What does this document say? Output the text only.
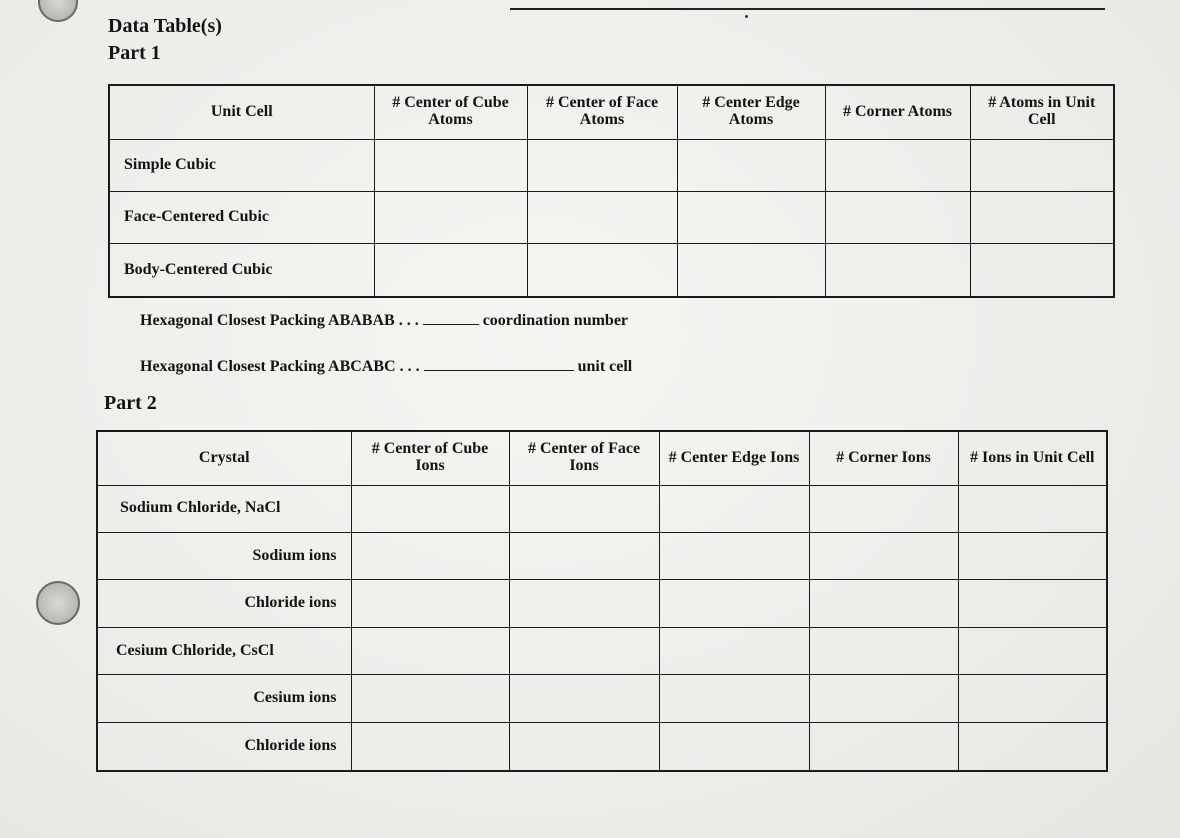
Data Table(s)
Part 1
Unit Cell	# Center of Cube Atoms	# Center of Face Atoms	# Center Edge Atoms	# Corner Atoms	# Atoms in Unit Cell
Simple Cubic					
Face-Centered Cubic					
Body-Centered Cubic					
Hexagonal Closest Packing ABABAB . . .	coordination number
Hexagonal Closest Packing ABCABC . . .	unit cell
Part 2
Crystal	# Center of Cube Ions	# Center of Face Ions	# Center Edge Ions	# Corner Ions	# Ions in Unit Cell
Sodium Chloride, NaCl					
Sodium ions					
Chloride ions					
Cesium Chloride, CsCl					
Cesium ions					
Chloride ions					
